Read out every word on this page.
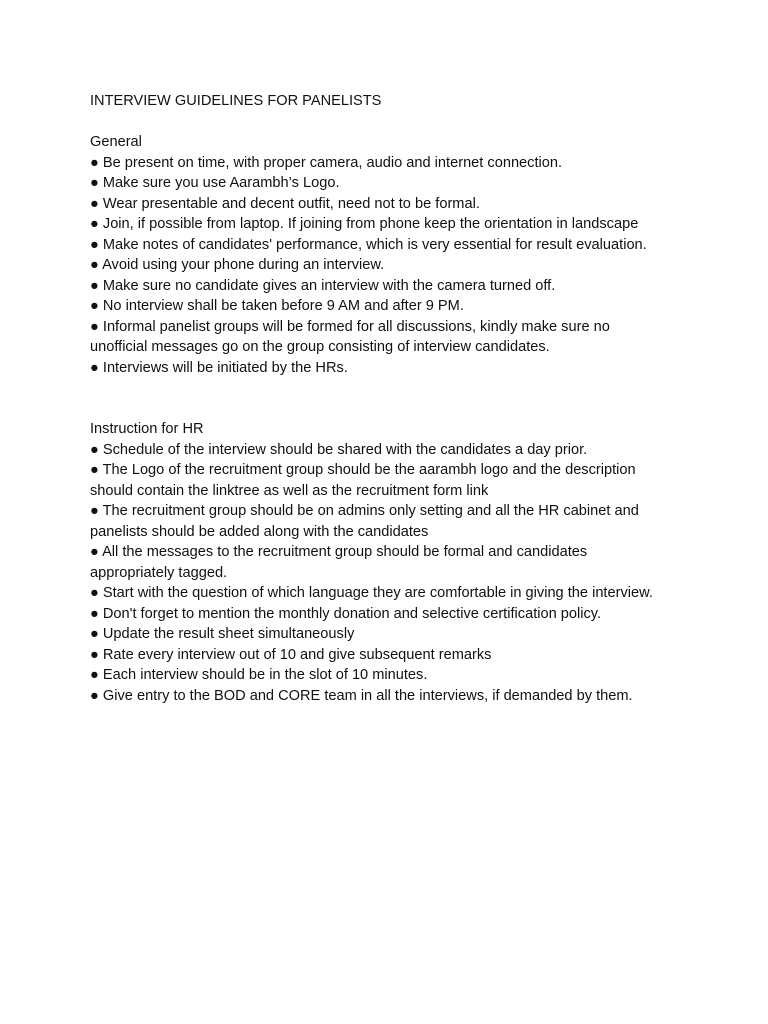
INTERVIEW GUIDELINES FOR PANELISTS

General

● Be present on time, with proper camera, audio and internet connection.
● Make sure you use Aarambh’s Logo.
● Wear presentable and decent outfit, need not to be formal.
● Join, if possible from laptop. If joining from phone keep the orientation in landscape
● Make notes of candidates' performance, which is very essential for result evaluation.
● Avoid using your phone during an interview.
● Make sure no candidate gives an interview with the camera turned off.
● No interview shall be taken before 9 AM and after 9 PM.
● Informal panelist groups will be formed for all discussions, kindly make sure no
unofficial messages go on the group consisting of interview candidates.
● Interviews will be initiated by the HRs.

Instruction for HR

● Schedule of the interview should be shared with the candidates a day prior.
● The Logo of the recruitment group should be the aarambh logo and the description
should contain the linktree as well as the recruitment form link
● The recruitment group should be on admins only setting and all the HR cabinet and
panelists should be added along with the candidates
● All the messages to the recruitment group should be formal and candidates
appropriately tagged.
● Start with the question of which language they are comfortable in giving the interview.
● Don't forget to mention the monthly donation and selective certification policy.
● Update the result sheet simultaneously
● Rate every interview out of 10 and give subsequent remarks
● Each interview should be in the slot of 10 minutes.
● Give entry to the BOD and CORE team in all the interviews, if demanded by them.
